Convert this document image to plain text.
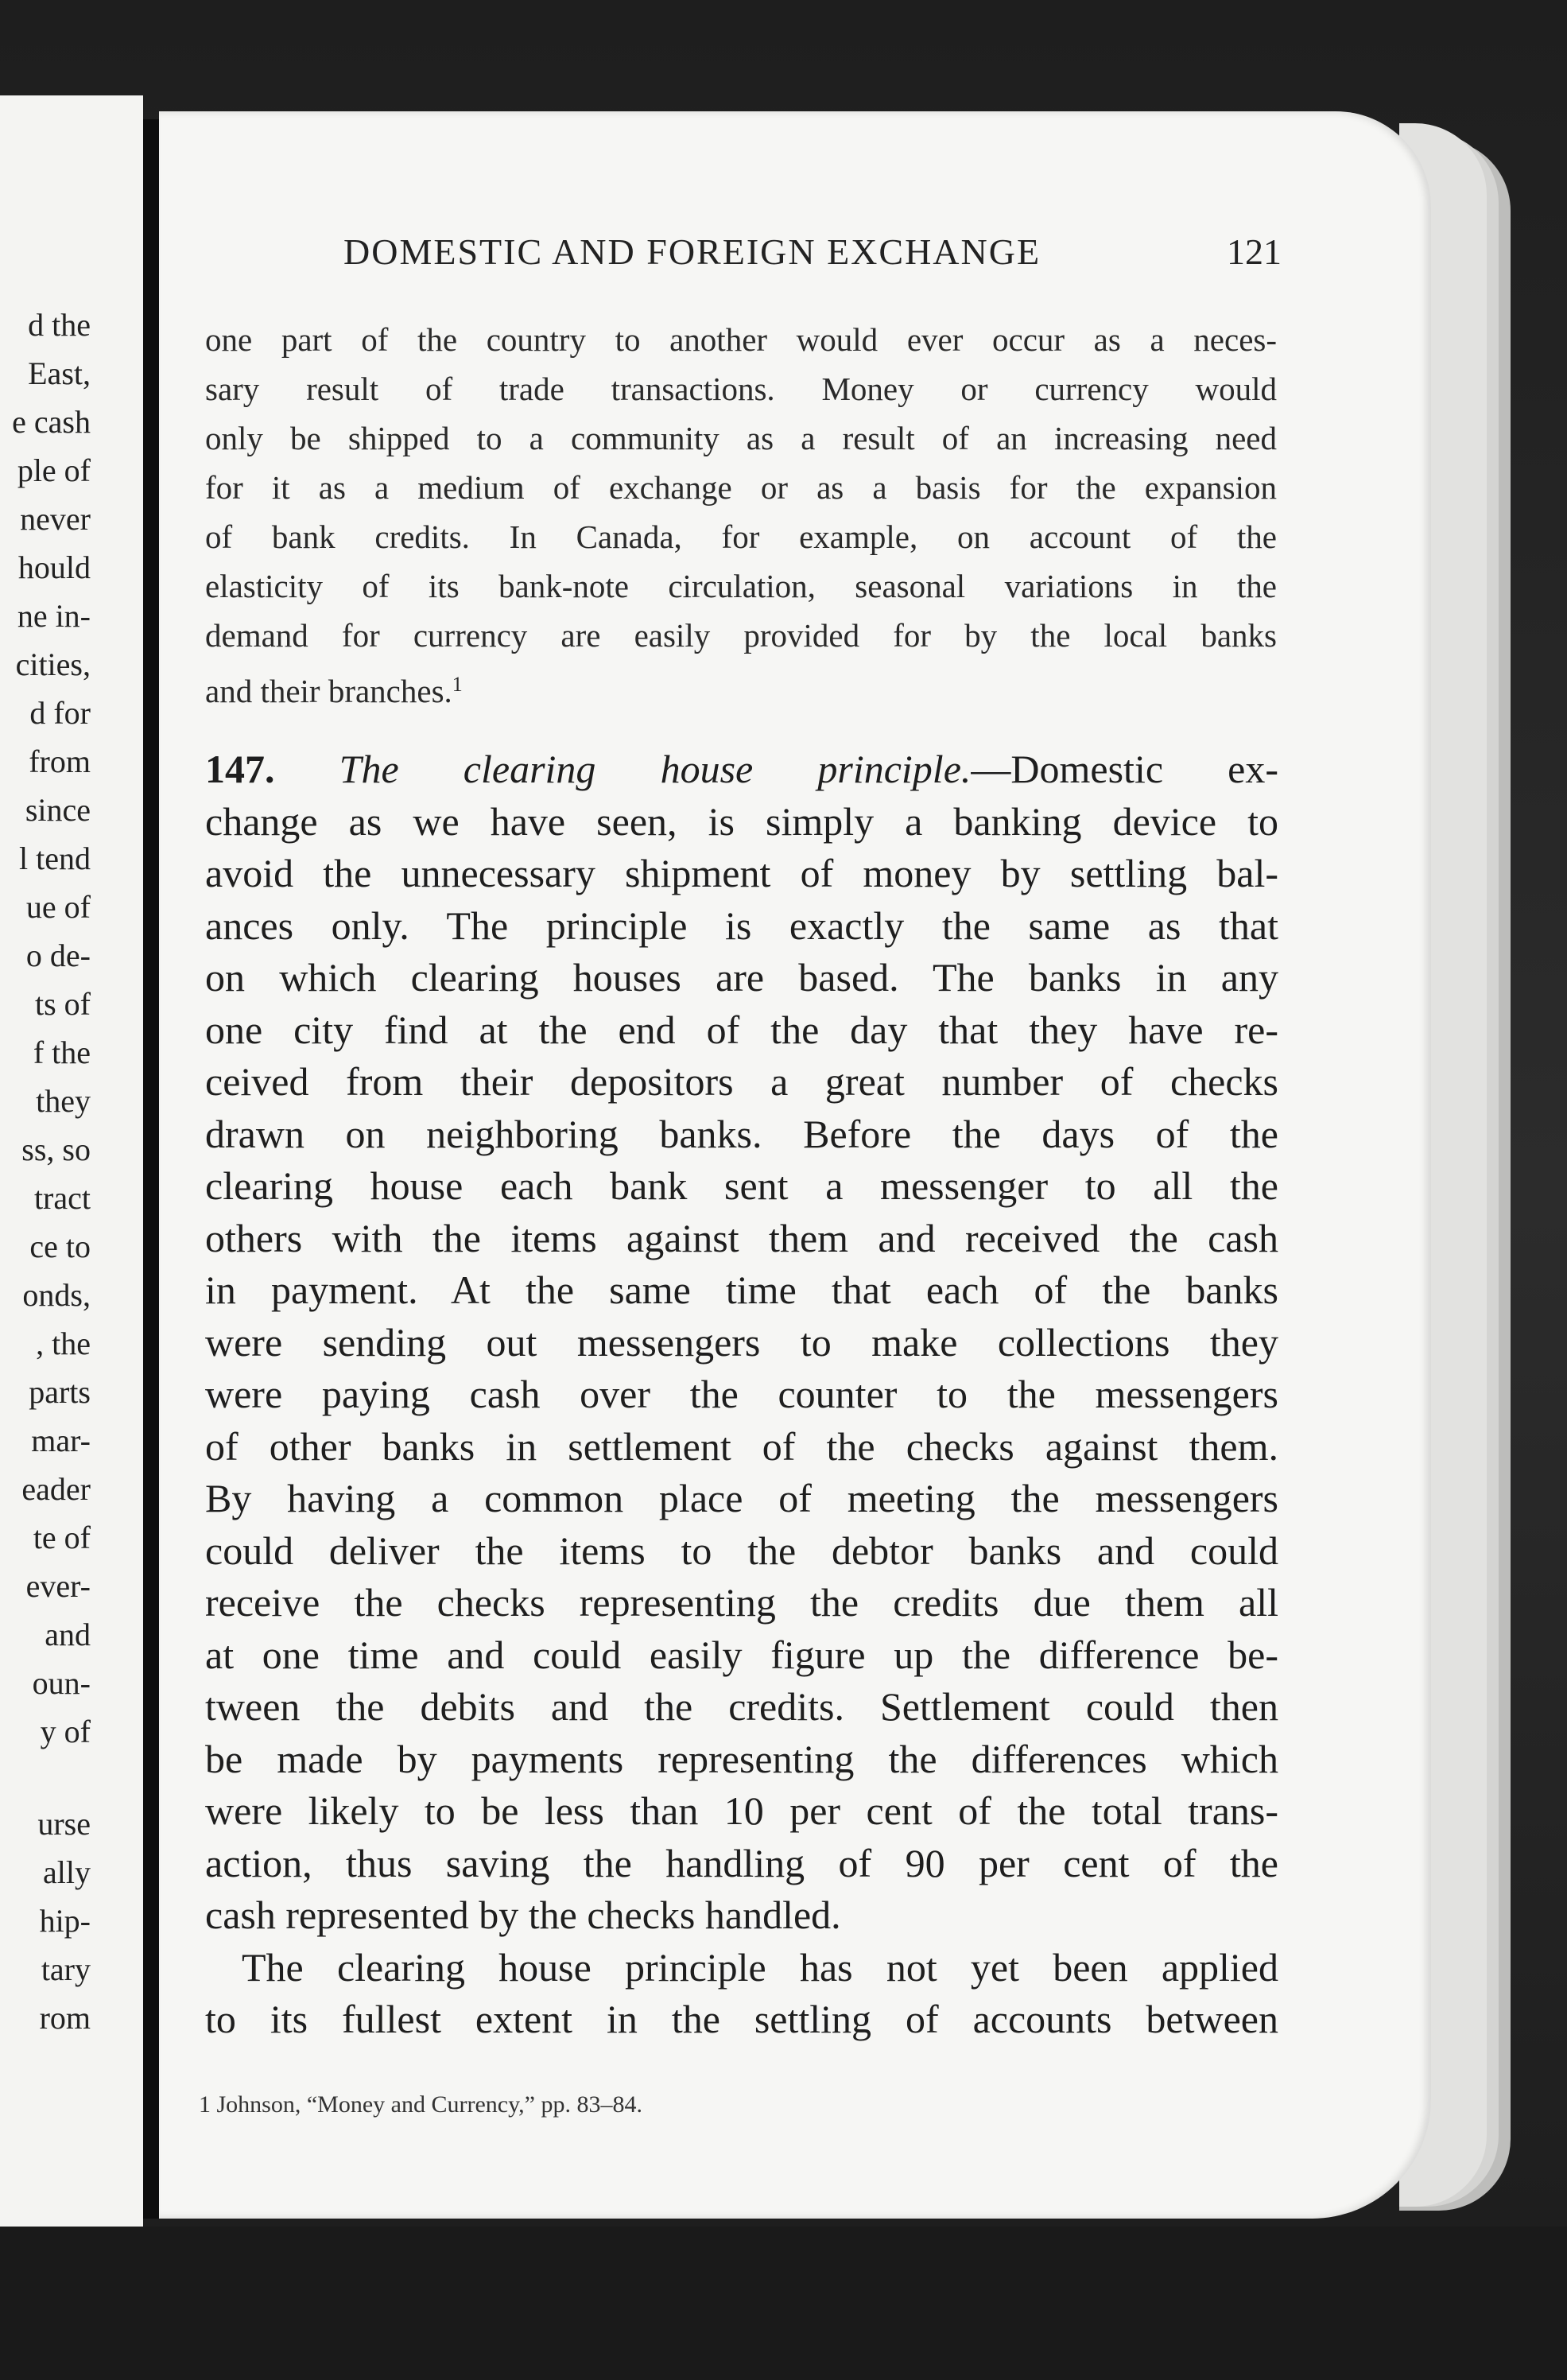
d the
East,
e cash
ple of
never
hould
ne in-
cities,
d for
from
since
l tend
ue of
o de-
ts of
f the
they
ss, so
tract
ce to
onds,
, the
parts
mar-
eader
te of
ever-
and
oun-
y of
urse
ally
hip-
tary
rom
DOMESTIC AND FOREIGN EXCHANGE	121
one part of the country to another would ever occur as a neces-
sary result of trade transactions. Money or currency would
only be shipped to a community as a result of an increasing need
for it as a medium of exchange or as a basis for the expansion
of bank credits. In Canada, for example, on account of the
elasticity of its bank-note circulation, seasonal variations in the
demand for currency are easily provided for by the local banks
and their branches.$^1$
147. The clearing house principle.—Domestic ex-
change as we have seen, is simply a banking device to
avoid the unnecessary shipment of money by settling bal-
ances only. The principle is exactly the same as that
on which clearing houses are based. The banks in any
one city find at the end of the day that they have re-
ceived from their depositors a great number of checks
drawn on neighboring banks. Before the days of the
clearing house each bank sent a messenger to all the
others with the items against them and received the cash
in payment. At the same time that each of the banks
were sending out messengers to make collections they
were paying cash over the counter to the messengers
of other banks in settlement of the checks against them.
By having a common place of meeting the messengers
could deliver the items to the debtor banks and could
receive the checks representing the credits due them all
at one time and could easily figure up the difference be-
tween the debits and the credits. Settlement could then
be made by payments representing the differences which
were likely to be less than 10 per cent of the total trans-
action, thus saving the handling of 90 per cent of the
cash represented by the checks handled.
The clearing house principle has not yet been applied
to its fullest extent in the settling of accounts between
1 Johnson, “Money and Currency,” pp. 83–84.
